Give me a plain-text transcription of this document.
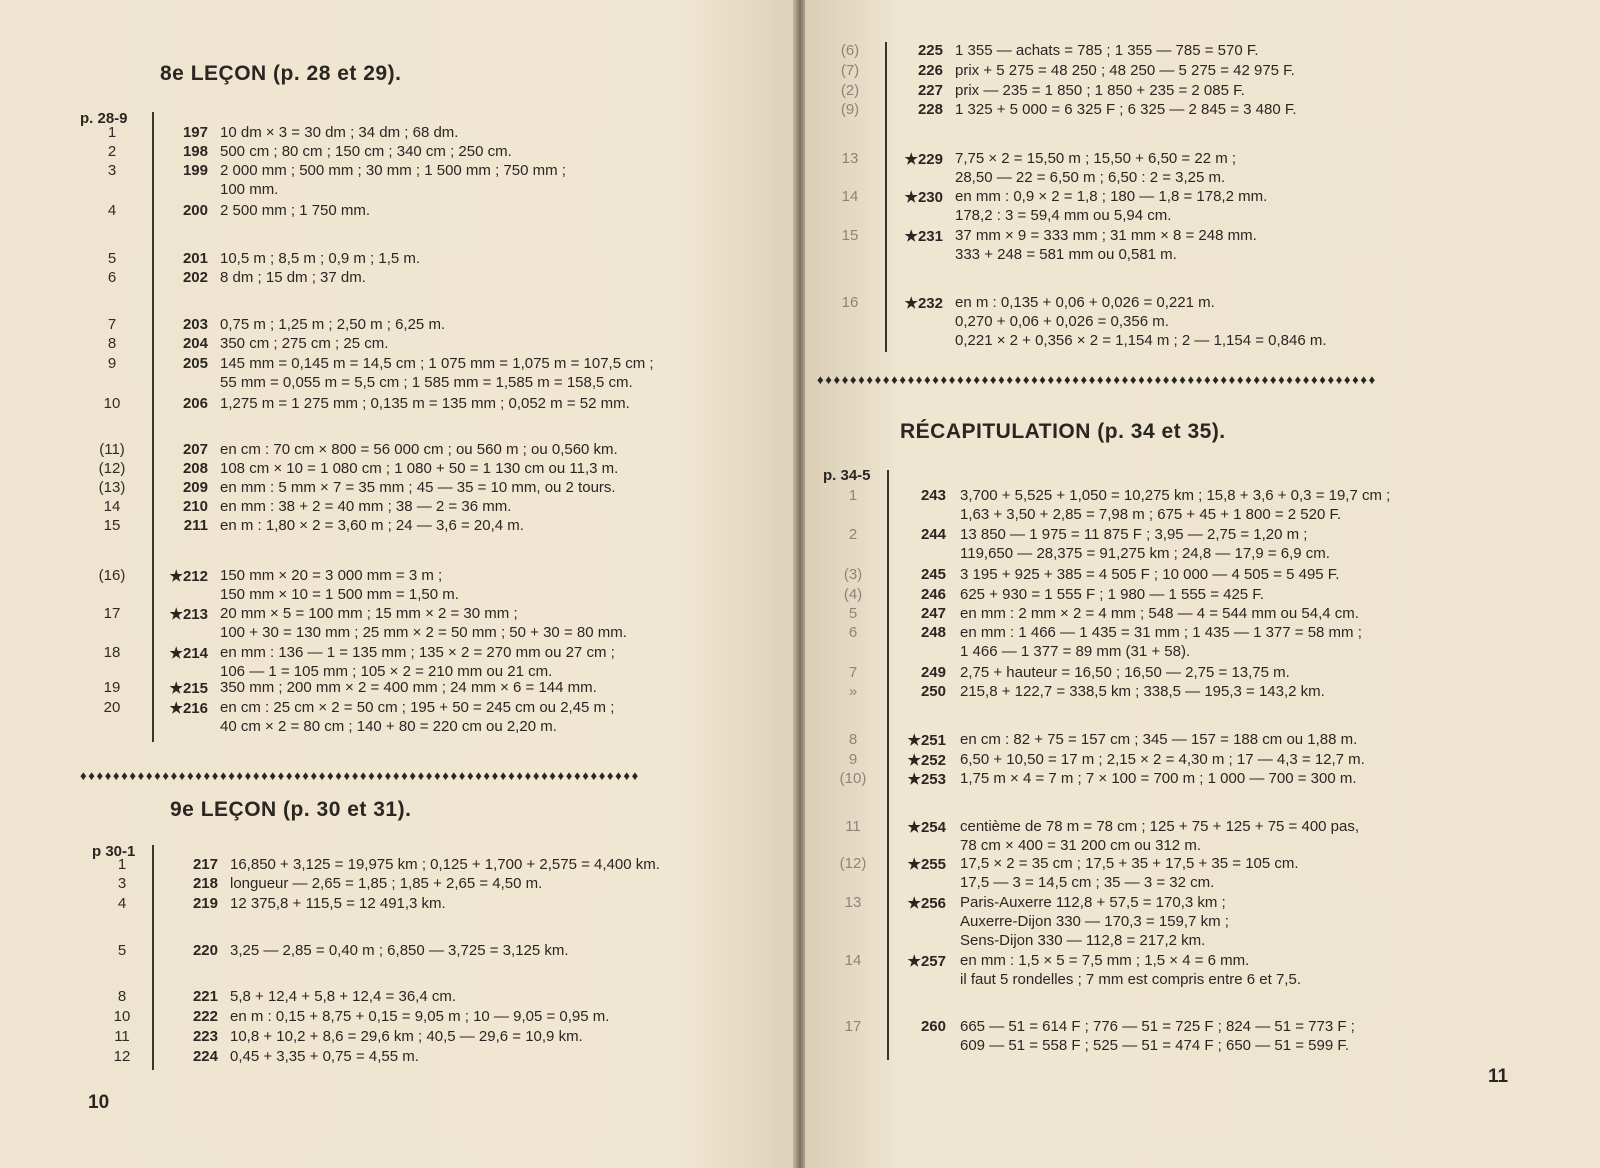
8e LEÇON (p. 28 et 29).
p. 28-9
1	197 10 dm × 3 = 30 dm ; 34 dm ; 68 dm.
2	198 500 cm ; 80 cm ; 150 cm ; 340 cm ; 250 cm.
3	199 2 000 mm ; 500 mm ; 30 mm ; 1 500 mm ; 750 mm ;
100 mm.
4	200 2 500 mm ; 1 750 mm.
5	201 10,5 m ; 8,5 m ; 0,9 m ; 1,5 m.
6	202 8 dm ; 15 dm ; 37 dm.
7	203 0,75 m ; 1,25 m ; 2,50 m ; 6,25 m.
8	204 350 cm ; 275 cm ; 25 cm.
9	205 145 mm = 0,145 m = 14,5 cm ; 1 075 mm = 1,075 m = 107,5 cm ;
55 mm = 0,055 m = 5,5 cm ; 1 585 mm = 1,585 m = 158,5 cm.
10	206 1,275 m = 1 275 mm ; 0,135 m = 135 mm ; 0,052 m = 52 mm.
(11)	207 en cm : 70 cm × 800 = 56 000 cm ; ou 560 m ; ou 0,560 km.
(12)	208 108 cm × 10 = 1 080 cm ; 1 080 + 50 = 1 130 cm ou 11,3 m.
(13)	209 en mm : 5 mm × 7 = 35 mm ; 45 — 35 = 10 mm, ou 2 tours.
14	210 en mm : 38 + 2 = 40 mm ; 38 — 2 = 36 mm.
15	211 en m : 1,80 × 2 = 3,60 m ; 24 — 3,6 = 20,4 m.
(16)	★212 150 mm × 20 = 3 000 mm = 3 m ;
150 mm × 10 = 1 500 mm = 1,50 m.
17	★213 20 mm × 5 = 100 mm ; 15 mm × 2 = 30 mm ;
100 + 30 = 130 mm ; 25 mm × 2 = 50 mm ; 50 + 30 = 80 mm.
18	★214 en mm : 136 — 1 = 135 mm ; 135 × 2 = 270 mm ou 27 cm ;
106 — 1 = 105 mm ; 105 × 2 = 210 mm ou 21 cm.
19	★215 350 mm ; 200 mm × 2 = 400 mm ; 24 mm × 6 = 144 mm.
20	★216 en cm : 25 cm × 2 = 50 cm ; 195 + 50 = 245 cm ou 2,45 m ;
40 cm × 2 = 80 cm ; 140 + 80 = 220 cm ou 2,20 m.
♦♦♦♦♦♦♦♦♦♦♦♦♦♦♦♦♦♦♦♦♦♦♦♦♦♦♦♦♦♦♦♦♦♦♦♦♦♦♦♦♦♦♦♦♦♦♦♦♦♦♦♦♦♦♦♦♦♦♦♦♦♦♦♦♦♦♦♦
9e LEÇON (p. 30 et 31).
p 30-1
1	217 16,850 + 3,125 = 19,975 km ; 0,125 + 1,700 + 2,575 = 4,400 km.
3	218 longueur — 2,65 = 1,85 ; 1,85 + 2,65 = 4,50 m.
4	219 12 375,8 + 115,5 = 12 491,3 km.
5	220 3,25 — 2,85 = 0,40 m ; 6,850 — 3,725 = 3,125 km.
8	221 5,8 + 12,4 + 5,8 + 12,4 = 36,4 cm.
10	222 en m : 0,15 + 8,75 + 0,15 = 9,05 m ; 10 — 9,05 = 0,95 m.
11	223 10,8 + 10,2 + 8,6 = 29,6 km ; 40,5 — 29,6 = 10,9 km.
12	224 0,45 + 3,35 + 0,75 = 4,55 m.
10
(6)	225 1 355 — achats = 785 ; 1 355 — 785 = 570 F.
(7)	226 prix + 5 275 = 48 250 ; 48 250 — 5 275 = 42 975 F.
(2)	227 prix — 235 = 1 850 ; 1 850 + 235 = 2 085 F.
(9)	228 1 325 + 5 000 = 6 325 F ; 6 325 — 2 845 = 3 480 F.
13	★229 7,75 × 2 = 15,50 m ; 15,50 + 6,50 = 22 m ;
28,50 — 22 = 6,50 m ; 6,50 : 2 = 3,25 m.
14	★230 en mm : 0,9 × 2 = 1,8 ; 180 — 1,8 = 178,2 mm.
178,2 : 3 = 59,4 mm ou 5,94 cm.
15	★231 37 mm × 9 = 333 mm ; 31 mm × 8 = 248 mm.
333 + 248 = 581 mm ou 0,581 m.
16	★232 en m : 0,135 + 0,06 + 0,026 = 0,221 m.
0,270 + 0,06 + 0,026 = 0,356 m.
0,221 × 2 + 0,356 × 2 = 1,154 m ; 2 — 1,154 = 0,846 m.
♦♦♦♦♦♦♦♦♦♦♦♦♦♦♦♦♦♦♦♦♦♦♦♦♦♦♦♦♦♦♦♦♦♦♦♦♦♦♦♦♦♦♦♦♦♦♦♦♦♦♦♦♦♦♦♦♦♦♦♦♦♦♦♦♦♦♦♦
RÉCAPITULATION (p. 34 et 35).
p. 34-5
1	243 3,700 + 5,525 + 1,050 = 10,275 km ; 15,8 + 3,6 + 0,3 = 19,7 cm ;
1,63 + 3,50 + 2,85 = 7,98 m ; 675 + 45 + 1 800 = 2 520 F.
2	244 13 850 — 1 975 = 11 875 F ; 3,95 — 2,75 = 1,20 m ;
119,650 — 28,375 = 91,275 km ; 24,8 — 17,9 = 6,9 cm.
(3)	245 3 195 + 925 + 385 = 4 505 F ; 10 000 — 4 505 = 5 495 F.
(4)	246 625 + 930 = 1 555 F ; 1 980 — 1 555 = 425 F.
5	247 en mm : 2 mm × 2 = 4 mm ; 548 — 4 = 544 mm ou 54,4 cm.
6	248 en mm : 1 466 — 1 435 = 31 mm ; 1 435 — 1 377 = 58 mm ;
1 466 — 1 377 = 89 mm (31 + 58).
7	249 2,75 + hauteur = 16,50 ; 16,50 — 2,75 = 13,75 m.
»	250 215,8 + 122,7 = 338,5 km ; 338,5 — 195,3 = 143,2 km.
8	★251 en cm : 82 + 75 = 157 cm ; 345 — 157 = 188 cm ou 1,88 m.
9	★252 6,50 + 10,50 = 17 m ; 2,15 × 2 = 4,30 m ; 17 — 4,3 = 12,7 m.
(10)	★253 1,75 m × 4 = 7 m ; 7 × 100 = 700 m ; 1 000 — 700 = 300 m.
11	★254 centième de 78 m = 78 cm ; 125 + 75 + 125 + 75 = 400 pas,
78 cm × 400 = 31 200 cm ou 312 m.
(12)	★255 17,5 × 2 = 35 cm ; 17,5 + 35 + 17,5 + 35 = 105 cm.
17,5 — 3 = 14,5 cm ; 35 — 3 = 32 cm.
13	★256 Paris-Auxerre 112,8 + 57,5 = 170,3 km ;
Auxerre-Dijon 330 — 170,3 = 159,7 km ;
Sens-Dijon 330 — 112,8 = 217,2 km.
14	★257 en mm : 1,5 × 5 = 7,5 mm ; 1,5 × 4 = 6 mm.
il faut 5 rondelles ; 7 mm est compris entre 6 et 7,5.
17	260 665 — 51 = 614 F ; 776 — 51 = 725 F ; 824 — 51 = 773 F ;
609 — 51 = 558 F ; 525 — 51 = 474 F ; 650 — 51 = 599 F.
11
